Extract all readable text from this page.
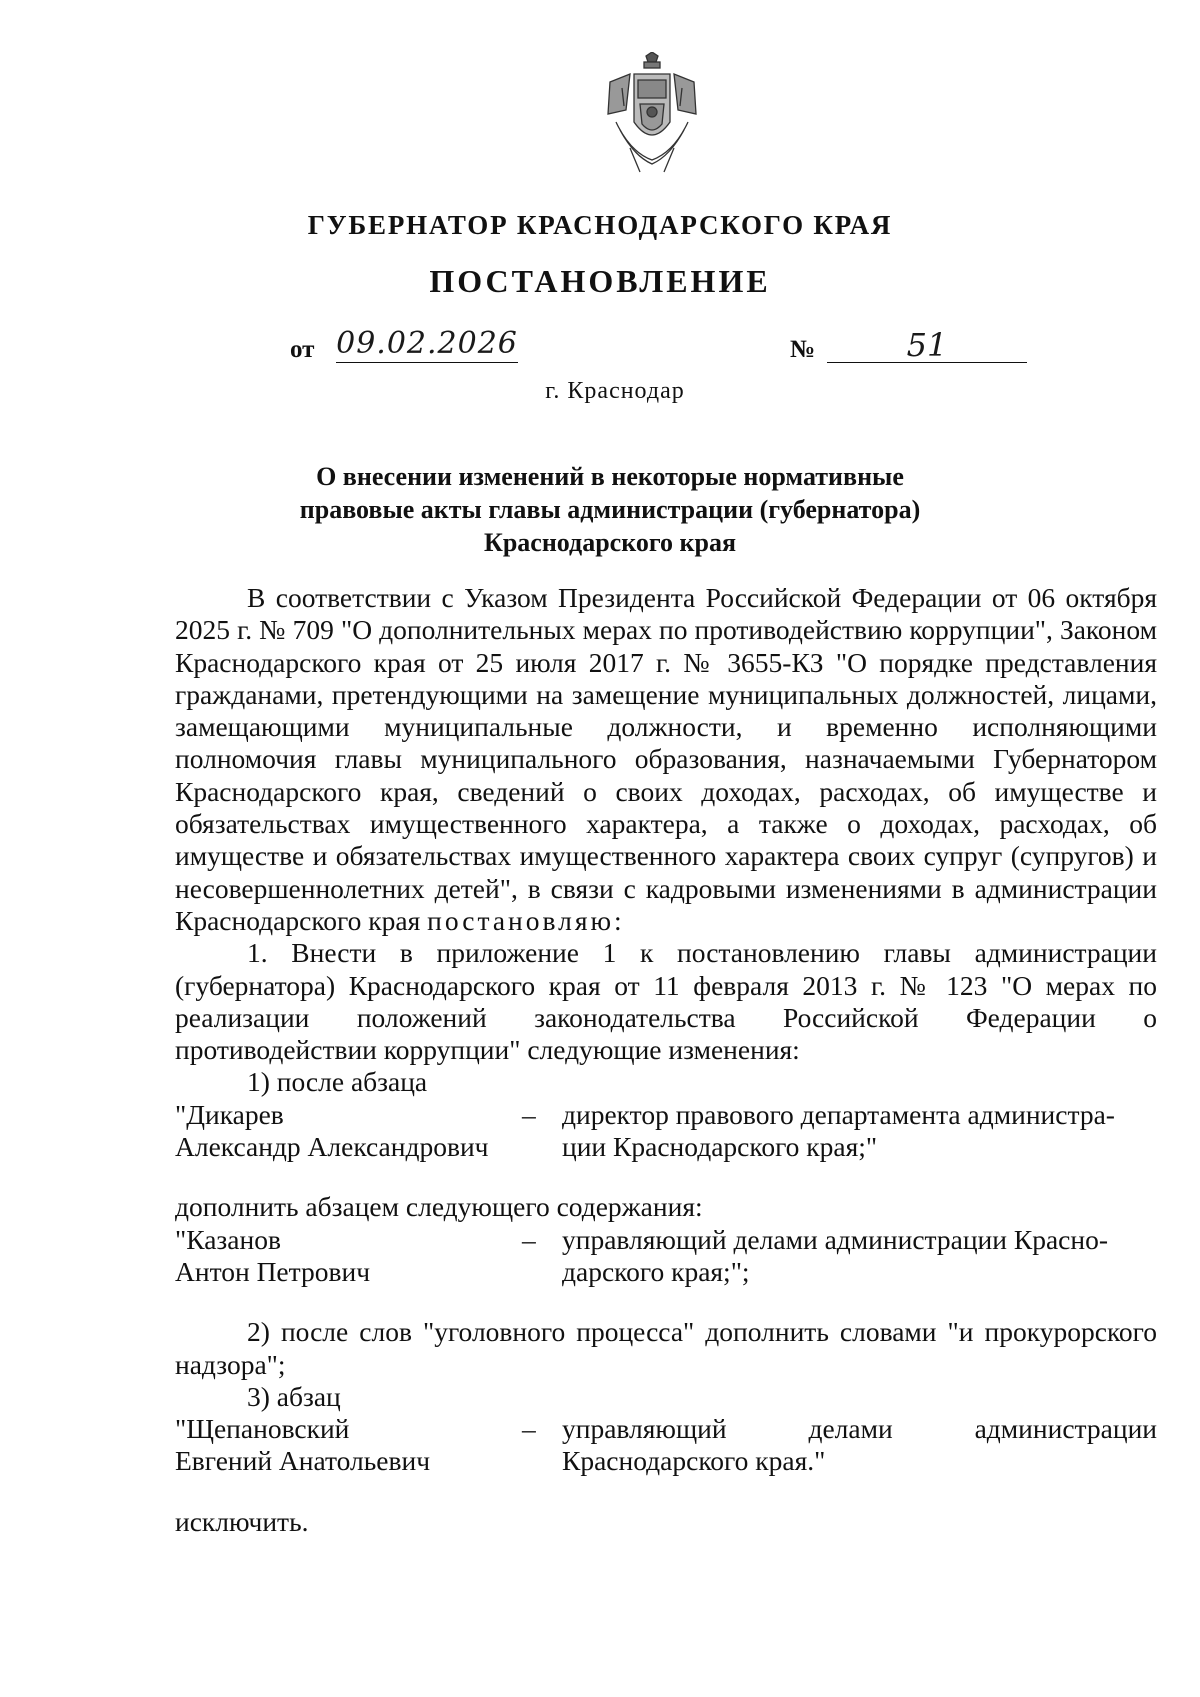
ГУБЕРНАТОР КРАСНОДАРСКОГО КРАЯ
ПОСТАНОВЛЕНИЕ
от 09.02.2026	№	51
г. Краснодар
О внесении изменений в некоторые нормативные
правовые акты главы администрации (губернатора)
Краснодарского края

В соответствии с Указом Президента Российской Федерации от 06 октября 2025 г. № 709 "О дополнительных мерах по противодействию коррупции", Законом Краснодарского края от 25 июля 2017 г. № 3655-КЗ "О порядке представления гражданами, претендующими на замещение муниципальных должностей, лицами, замещающими муниципальные должности, и временно исполняющими полномочия главы муниципального образования, назначаемыми Губернатором Краснодарского края, сведений о своих доходах, расходах, об имуществе и обязательствах имущественного характера, а также о доходах, расходах, об имуществе и обязательствах имущественного характера своих супруг (супругов) и несовершеннолетних детей", в связи с кадровыми изменениями в администрации Краснодарского края постановляю:

1. Внести в приложение 1 к постановлению главы администрации (губернатора) Краснодарского края от 11 февраля 2013 г. № 123 "О мерах по реализации положений законодательства Российской Федерации о противодействии коррупции" следующие изменения:

1) после абзаца

"Дикарев	– директор правового департамента администра-
Александр Александрович	ции Краснодарского края;"

дополнить абзацем следующего содержания:

"Казанов	– управляющий делами администрации Красно-
Антон Петрович	дарского края;";

2) после слов "уголовного процесса" дополнить словами "и прокурорского надзора";

3) абзац

"Щепановский	– управляющий делами администрации
Евгений Анатольевич	Краснодарского края."

исключить.
